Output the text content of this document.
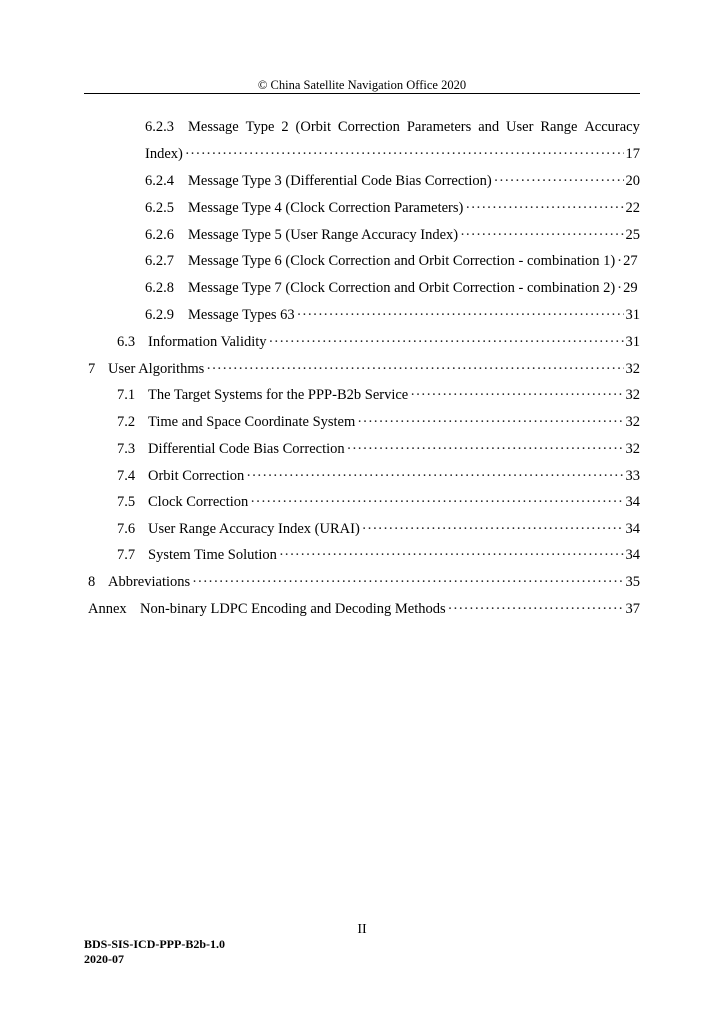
© China Satellite Navigation Office 2020
6.2.3 Message Type 2 (Orbit Correction Parameters and User Range Accuracy
Index) ·····	17
6.2.4 Message Type 3 (Differential Code Bias Correction) ·····	20
6.2.5 Message Type 4 (Clock Correction Parameters) ·····	22
6.2.6 Message Type 5 (User Range Accuracy Index) ·····	25
6.2.7 Message Type 6 (Clock Correction and Orbit Correction - combination 1) ····· 27
6.2.8 Message Type 7 (Clock Correction and Orbit Correction - combination 2) ····· 29
6.2.9 Message Types 63 ·····	31
6.3 Information Validity ·····	31
7 User Algorithms ·····	32
7.1 The Target Systems for the PPP-B2b Service ·····	32
7.2 Time and Space Coordinate System ·····	32
7.3 Differential Code Bias Correction ·····	32
7.4 Orbit Correction ·····	33
7.5 Clock Correction ·····	34
7.6 User Range Accuracy Index (URAI) ·····	34
7.7 System Time Solution ·····	34
8 Abbreviations ·····	35
Annex Non-binary LDPC Encoding and Decoding Methods ·····	37
II
BDS-SIS-ICD-PPP-B2b-1.0
2020-07
